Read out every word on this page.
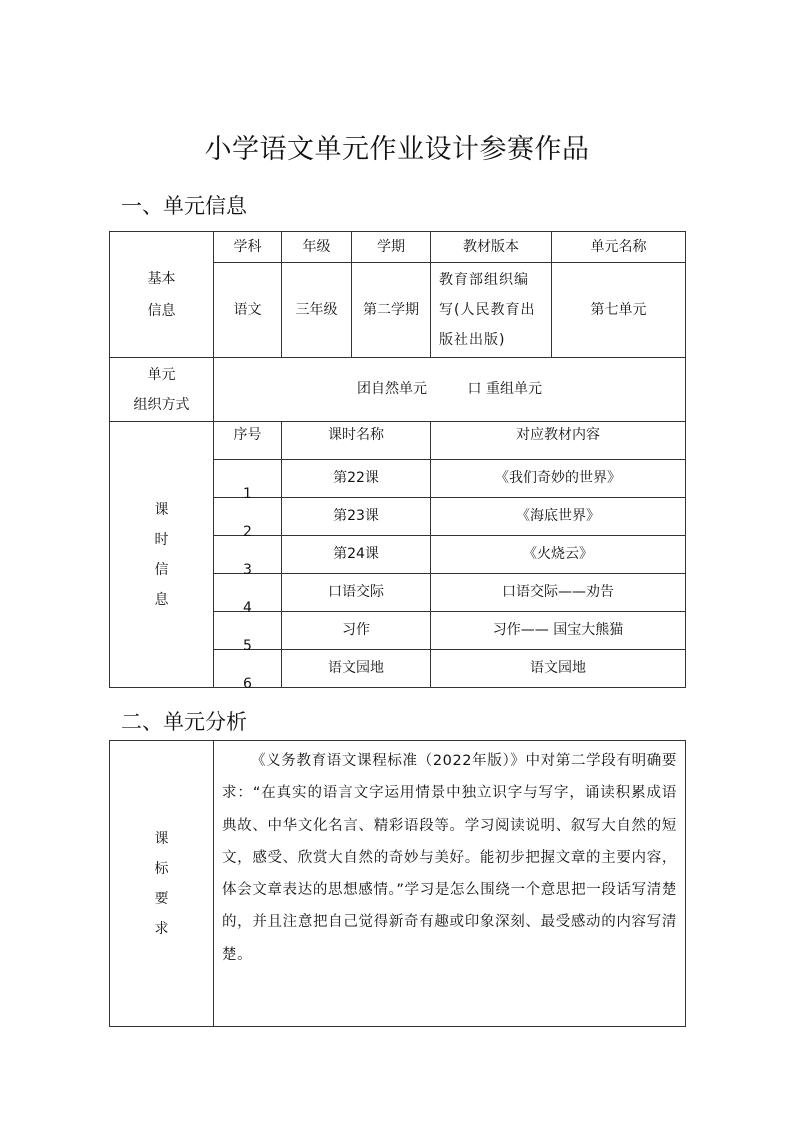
小学语文单元作业设计参赛作品
一、单元信息
基本
信息	学科	年级	学期	教材版本	单元名称
	语文	三年级	第二学期	教育部组织编
写(人民教育出
版社出版)	第七单元

单元
组织方式	团自然单元 口 重组单元				

课
时
信
息	序号	课时名称		对应教材内容	

	1	第22课		《我们奇妙的世界》	

	2	第23课		《海底世界》	

	3	第24课		《火烧云》	

	4	口语交际		口语交际——劝告	

	5	习作		习作—— 国宝大熊猫	

	6	语文园地		语文园地	
二、单元分析
课
标
要
求
	《义务教育语文课程标准（2022年版）》中对第二学段有明确要求：“在真实的语言文字运用情景中独立识字与写字，诵读积累成语典故、中华文化名言、精彩语段等。学习阅读说明、叙写大自然的短文，感受、欣赏大自然的奇妙与美好。能初步把握文章的主要内容，体会文章表达的思想感情。”学习是怎么围绕一个意思把一段话写清楚的，并且注意把自己觉得新奇有趣或印象深刻、最受感动的内容写清楚。
